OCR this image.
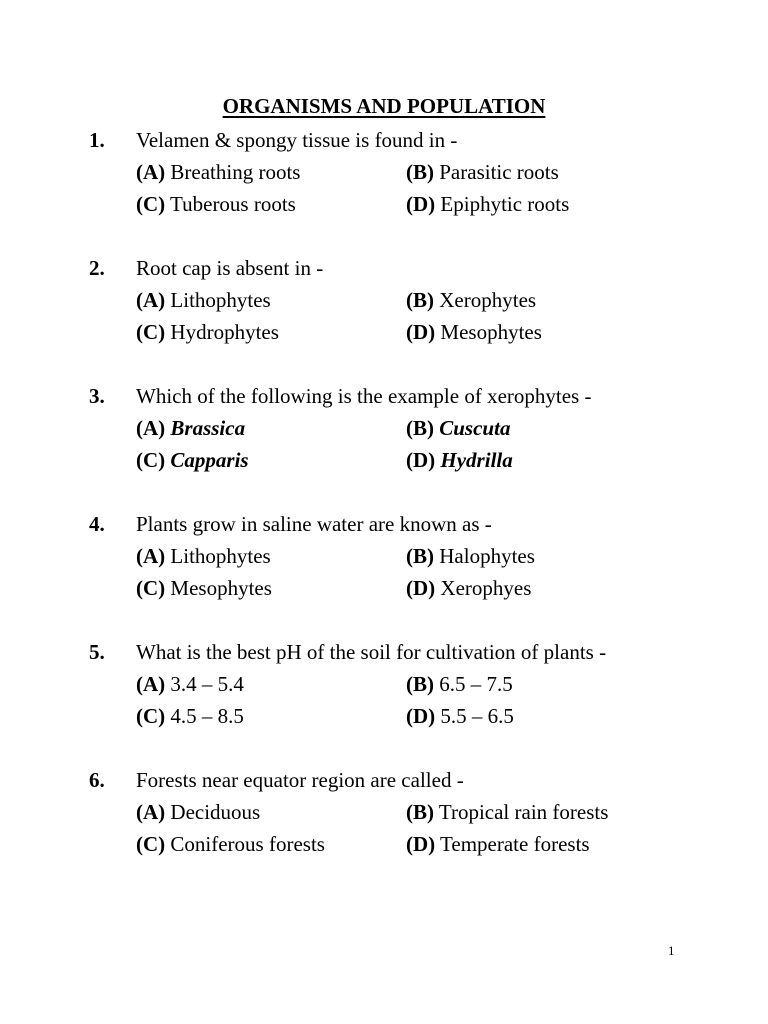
ORGANISMS AND POPULATION
1. Velamen & spongy tissue is found in -
(A) Breathing roots	(B) Parasitic roots
(C) Tuberous roots	(D) Epiphytic roots
2. Root cap is absent in -
(A) Lithophytes	(B) Xerophytes
(C) Hydrophytes	(D) Mesophytes
3. Which of the following is the example of xerophytes -
(A) Brassica	(B) Cuscuta
(C) Capparis	(D) Hydrilla
4. Plants grow in saline water are known as -
(A) Lithophytes	(B) Halophytes
(C) Mesophytes	(D) Xerophyes
5. What is the best pH of the soil for cultivation of plants -
(A) 3.4 – 5.4	(B) 6.5 – 7.5
(C) 4.5 – 8.5	(D) 5.5 – 6.5
6. Forests near equator region are called -
(A) Deciduous	(B) Tropical rain forests
(C) Coniferous forests	(D) Temperate forests
1
